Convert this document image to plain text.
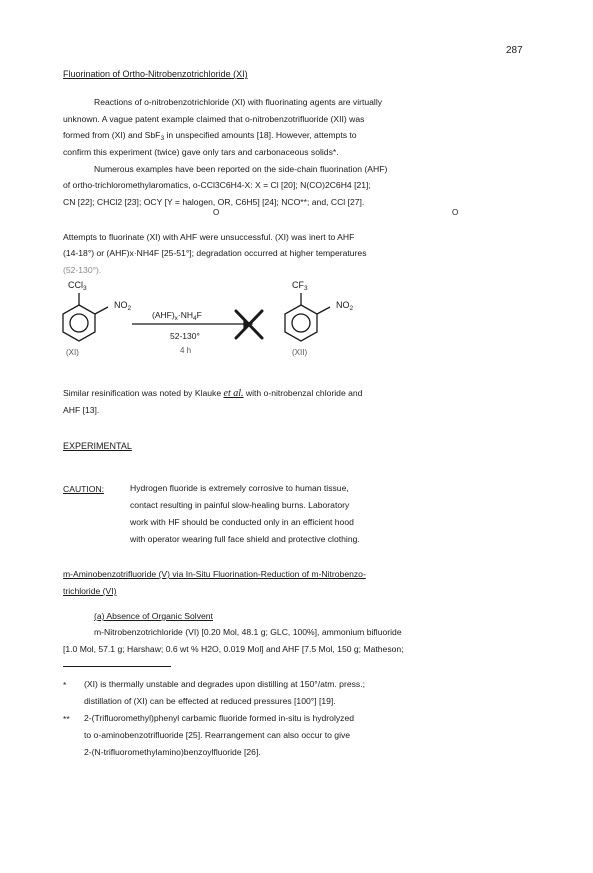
287
Fluorination of Ortho-Nitrobenzotrichloride (XI)
Reactions of o-nitrobenzotrichloride (XI) with fluorinating agents are virtually
unknown. A vague patent example claimed that o-nitrobenzotrifluoride (XII) was
formed from (XI) and SbF$_3$ in unspecified amounts [18]. However, attempts to
confirm this experiment (twice) gave only tars and carbonaceous solids*.
Numerous examples have been reported on the side-chain fluorination (AHF)
of ortho-trichloromethylaromatics, o-CCl3C6H4-X: X = Cl [20]; N(CO)2C6H4 [21];
CN [22]; CHCl2 [23]; OCY [Y = halogen, OR, C6H5] [24]; NCO**; and, CCl [27].
O	O
Attempts to fluorinate (XI) with AHF were unsuccessful. (XI) was inert to AHF
(14-18°) or (AHF)x·NH4F [25-51°]; degradation occurred at higher temperatures
(52-130°).
CCl$_3$
$NO_2$
(XI)
$(AHF)_x\cdot NH_4F$
52-130°
4 h
$CF_3$
$NO_2$
(XII)
Similar resinification was noted by Klauke et al. with o-nitrobenzal chloride and
AHF [13].
EXPERIMENTAL
CAUTION:	Hydrogen fluoride is extremely corrosive to human tissue,
contact resulting in painful slow-healing burns. Laboratory
work with HF should be conducted only in an efficient hood
with operator wearing full face shield and protective clothing.
m-Aminobenzotrifluoride (V) via In-Situ Fluorination-Reduction of m-Nitrobenzo-
trichloride (VI)
(a) Absence of Organic Solvent
m-Nitrobenzotrichloride (VI) [0.20 Mol, 48.1 g; GLC, 100%], ammonium bifluoride
[1.0 Mol, 57.1 g; Harshaw; 0.6 wt % H2O, 0.019 Mol] and AHF [7.5 Mol, 150 g; Matheson;
* (XI) is thermally unstable and degrades upon distilling at 150°/atm. press.;
distillation of (XI) can be effected at reduced pressures [100°] [19].
** 2-(Trifluoromethyl)phenyl carbamic fluoride formed in-situ is hydrolyzed
to o-aminobenzotrifluoride [25]. Rearrangement can also occur to give
2-(N-trifluoromethylamino)benzoylfluoride [26].
